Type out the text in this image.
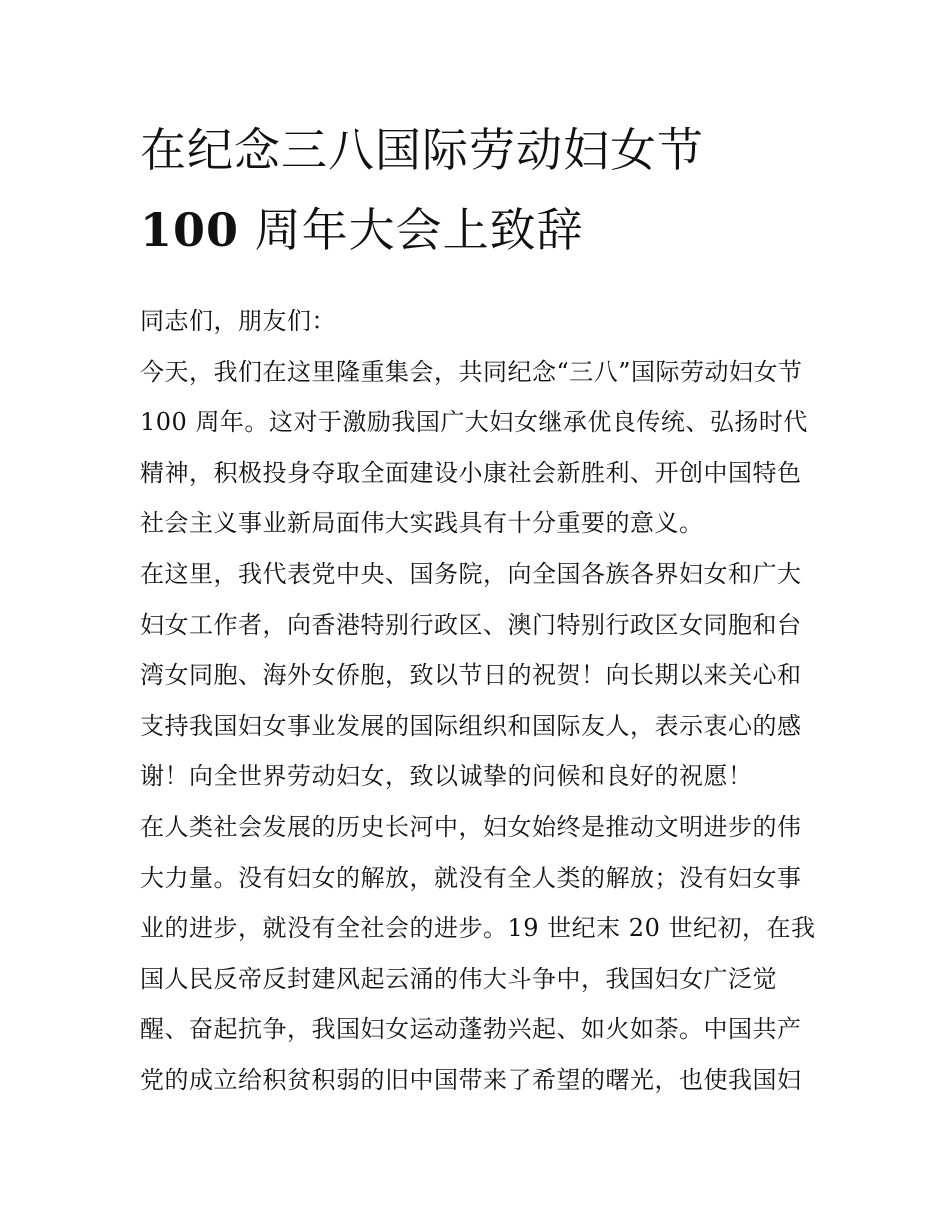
在纪念三八国际劳动妇女节
100 周年大会上致辞
同志们，朋友们：
今天，我们在这里隆重集会，共同纪念“三八”国际劳动妇女节
100 周年。这对于激励我国广大妇女继承优良传统、弘扬时代
精神，积极投身夺取全面建设小康社会新胜利、开创中国特色
社会主义事业新局面伟大实践具有十分重要的意义。
在这里，我代表党中央、国务院，向全国各族各界妇女和广大
妇女工作者，向香港特别行政区、澳门特别行政区女同胞和台
湾女同胞、海外女侨胞，致以节日的祝贺！向长期以来关心和
支持我国妇女事业发展的国际组织和国际友人，表示衷心的感
谢！向全世界劳动妇女，致以诚挚的问候和良好的祝愿！
在人类社会发展的历史长河中，妇女始终是推动文明进步的伟
大力量。没有妇女的解放，就没有全人类的解放；没有妇女事
业的进步，就没有全社会的进步。19 世纪末 20 世纪初，在我
国人民反帝反封建风起云涌的伟大斗争中，我国妇女广泛觉
醒、奋起抗争，我国妇女运动蓬勃兴起、如火如荼。中国共产
党的成立给积贫积弱的旧中国带来了希望的曙光，也使我国妇
